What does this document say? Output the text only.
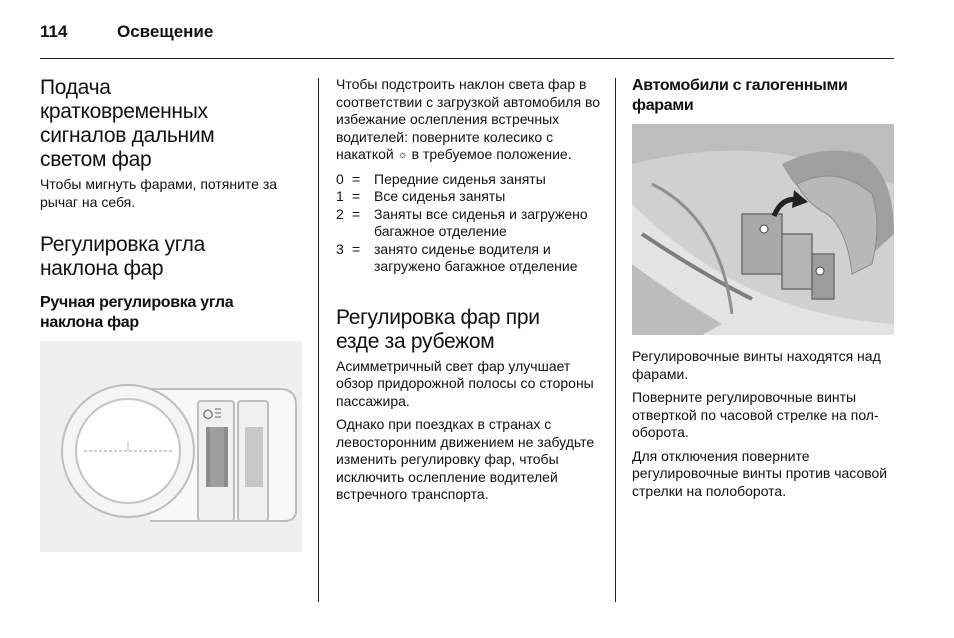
114	Освещение
Подача
кратковременных
сигналов дальним
светом фар

Чтобы мигнуть фарами, потяните за рычаг на себя.

Регулировка угла
наклона фар
Ручная регулировка угла
наклона фар

Чтобы подстроить наклон света фар в соответствии с загрузкой автомобиля во избежание ослепления встречных водителей: поверните колесико с накаткой ☼ в требуемое положение.

0 = Передние сиденья заняты
1 = Все сиденья заняты
2 = Заняты все сиденья и загружено багажное отделение
3 = занято сиденье водителя и загружено багажное отделение
Регулировка фар при
езде за рубежом

Асимметричный свет фар улучшает обзор придорожной полосы со стороны пассажира.

Однако при поездках в странах с левосторонним движением не забудьте изменить регулировку фар, чтобы исключить ослепление водителей встречного транспорта.

Автомобили с галогенными
фарами

Регулировочные винты находятся над фарами.

Поверните регулировочные винты отверткой по часовой стрелке на полоборота.

Для отключения поверните регулировочные винты против часовой стрелки на полоборота.
